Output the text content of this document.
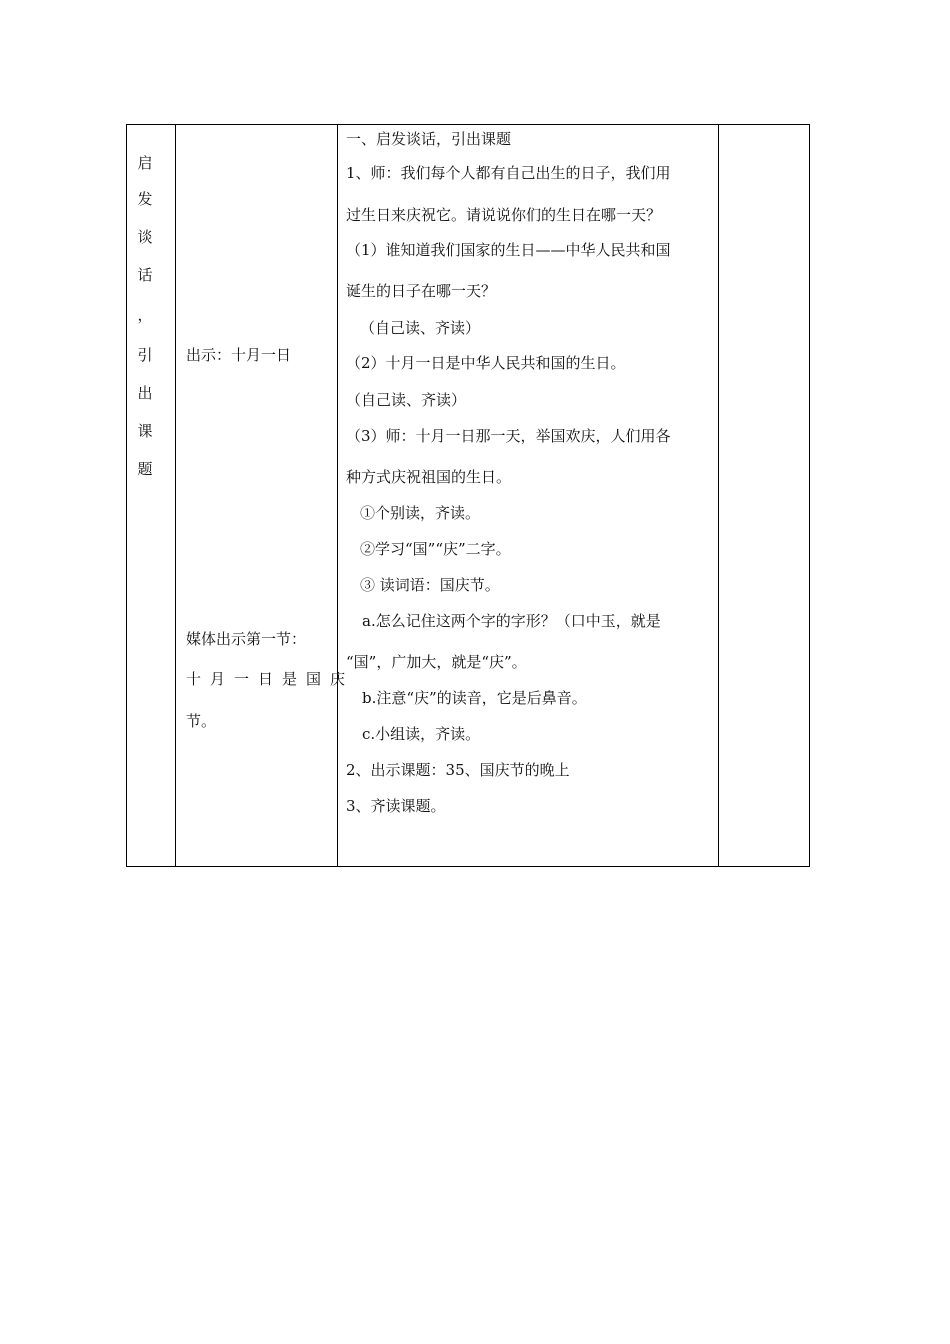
启
发
谈
话
，
引
出
课
题
出示：十月一日
媒体出示第一节：
十月一日是国庆
节。
一、启发谈话，引出课题
1、师：我们每个人都有自己出生的日子，我们用
过生日来庆祝它。请说说你们的生日在哪一天？
（1）谁知道我们国家的生日——中华人民共和国
诞生的日子在哪一天？
（自己读、齐读）
（2）十月一日是中华人民共和国的生日。
（自己读、齐读）
（3）师：十月一日那一天，举国欢庆，人们用各
种方式庆祝祖国的生日。
①个别读，齐读。
②学习“国”“庆”二字。
③ 读词语：国庆节。
a.怎么记住这两个字的字形？（口中玉，就是
“国”，广加大，就是“庆”。
b.注意“庆”的读音，它是后鼻音。
c.小组读，齐读。
2、出示课题：35、国庆节的晚上
3、齐读课题。
